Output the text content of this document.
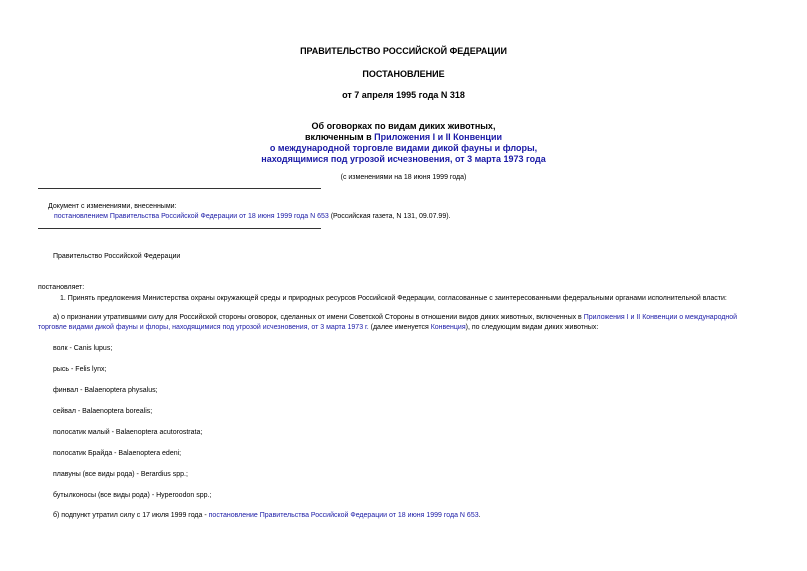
ПРАВИТЕЛЬСТВО РОССИЙСКОЙ ФЕДЕРАЦИИ
ПОСТАНОВЛЕНИЕ
от 7 апреля 1995 года N 318
Об оговорках по видам диких животных,
включенным в Приложения I и II Конвенции
о международной торговле видами дикой фауны и флоры,
находящимися под угрозой исчезновения, от 3 марта 1973 года
(с изменениями на 18 июня 1999 года)
Документ с изменениями, внесенными:
постановлением Правительства Российской Федерации от 18 июня 1999 года N 653 (Российская газета, N 131, 09.07.99).
Правительство Российской Федерации
постановляет:
1. Принять предложения Министерства охраны окружающей среды и природных ресурсов Российской Федерации, согласованные с заинтересованными федеральными органами исполнительной власти:
а) о признании утратившими силу для Российской стороны оговорок, сделанных от имени Советской Стороны в отношении видов диких животных, включенных в Приложения I и II Конвенции о международной
торговле видами дикой фауны и флоры, находящимися под угрозой исчезновения, от 3 марта 1973 г. (далее именуется Конвенция), по следующим видам диких животных:
волк - Canis lupus;
рысь - Felis lynx;
финвал - Balaenoptera physalus;
сейвал - Balaenoptera borealis;
полосатик малый - Balaenoptera acutorostrata;
полосатик Брайда - Balaenoptera edeni;
плавуны (все виды рода) - Berardius spp.;
бутылконосы (все виды рода) - Hyperoodon spp.;
б) подпункт утратил силу с 17 июля 1999 года - постановление Правительства Российской Федерации от 18 июня 1999 года N 653.
